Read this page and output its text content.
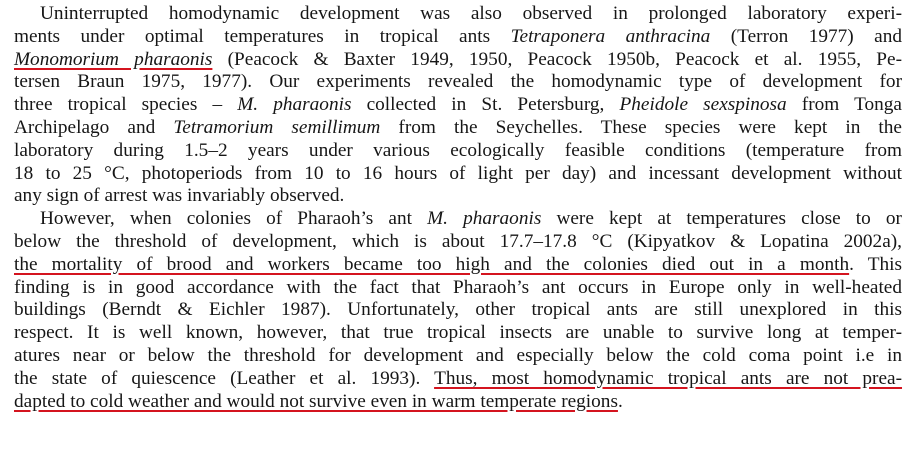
Uninterrupted homodynamic development was also observed in prolonged laboratory experi-
ments under optimal temperatures in tropical ants Tetraponera anthracina (Terron 1977) and
Monomorium pharaonis (Peacock & Baxter 1949, 1950, Peacock 1950b, Peacock et al. 1955, Pe-
tersen Braun 1975, 1977). Our experiments revealed the homodynamic type of development for
three tropical species – M. pharaonis collected in St. Petersburg, Pheidole sexspinosa from Tonga
Archipelago and Tetramorium semillimum from the Seychelles. These species were kept in the
laboratory during 1.5–2 years under various ecologically feasible conditions (temperature from
18 to 25 °C, photoperiods from 10 to 16 hours of light per day) and incessant development without
any sign of arrest was invariably observed.
However, when colonies of Pharaoh’s ant M. pharaonis were kept at temperatures close to or
below the threshold of development, which is about 17.7–17.8 °C (Kipyatkov & Lopatina 2002a),
the mortality of brood and workers became too high and the colonies died out in a month. This
finding is in good accordance with the fact that Pharaoh’s ant occurs in Europe only in well-heated
buildings (Berndt & Eichler 1987). Unfortunately, other tropical ants are still unexplored in this
respect. It is well known, however, that true tropical insects are unable to survive long at temper-
atures near or below the threshold for development and especially below the cold coma point i.e in
the state of quiescence (Leather et al. 1993). Thus, most homodynamic tropical ants are not prea-
dapted to cold weather and would not survive even in warm temperate regions.
